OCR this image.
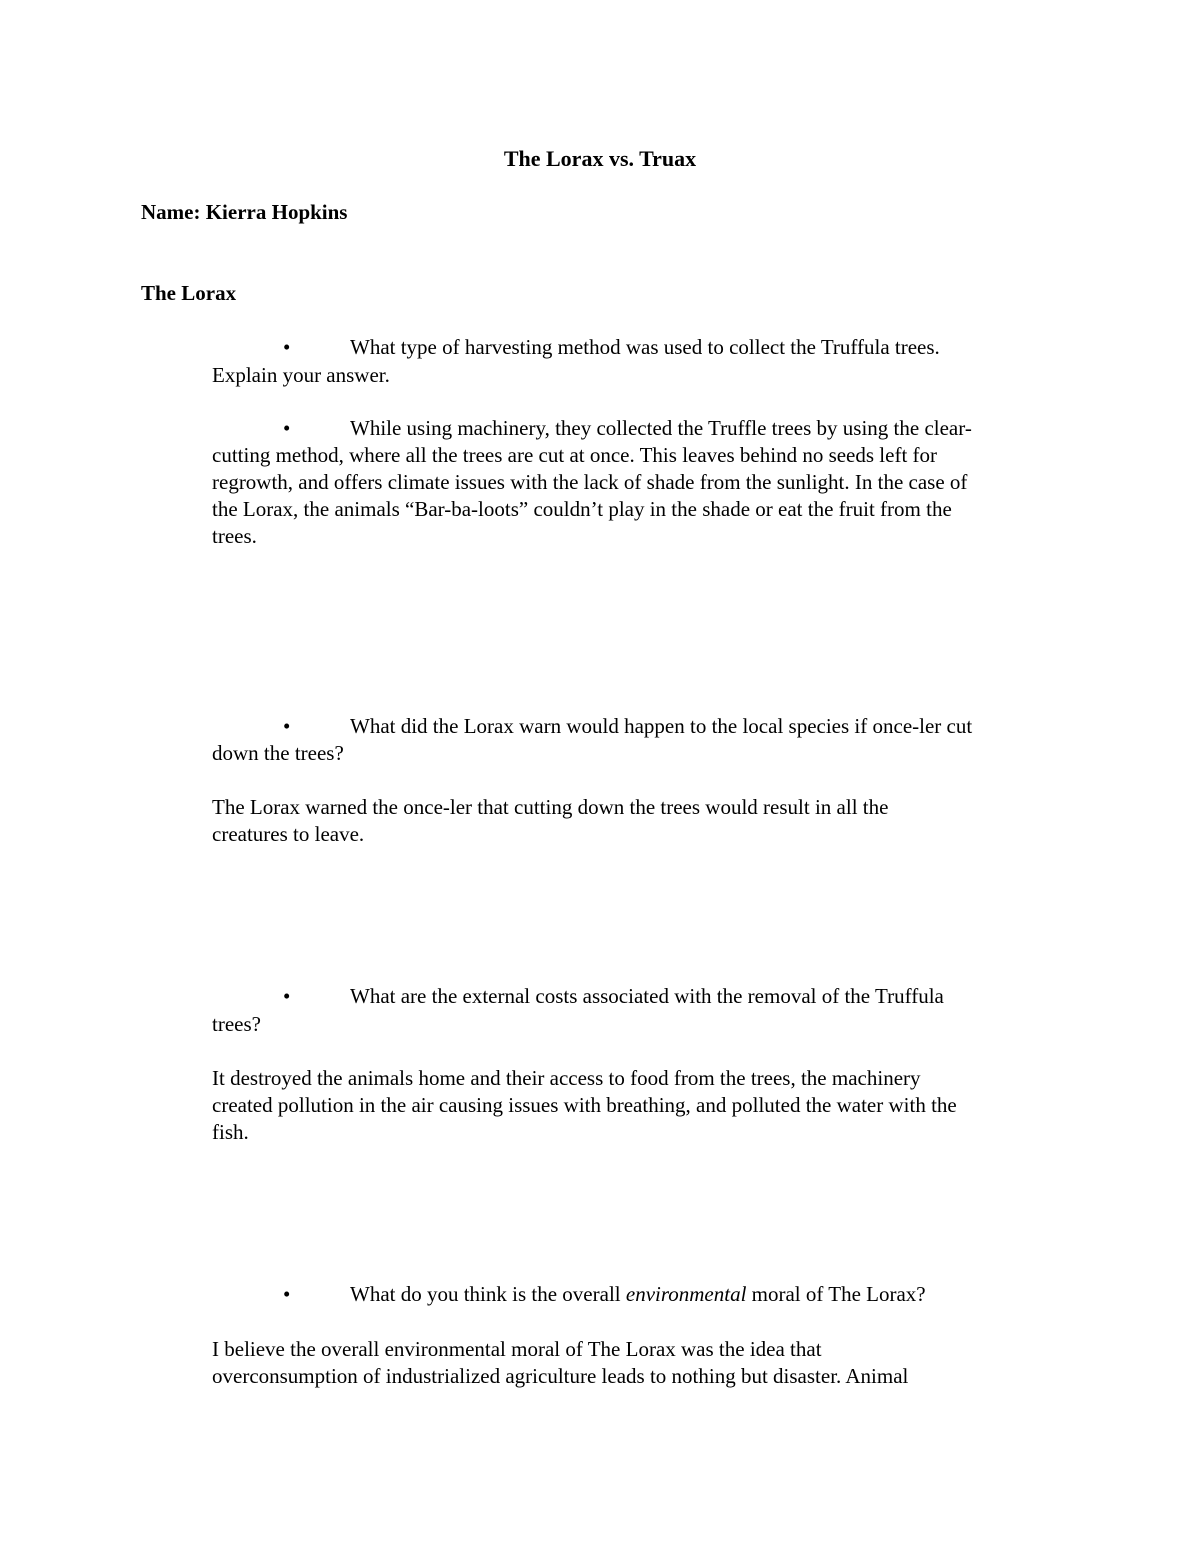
The Lorax vs. Truax
Name: Kierra Hopkins
The Lorax
•	What type of harvesting method was used to collect the Truffula trees.
Explain your answer.
•	While using machinery, they collected the Truffle trees by using the clear-
cutting method, where all the trees are cut at once. This leaves behind no seeds left for
regrowth, and offers climate issues with the lack of shade from the sunlight. In the case of
the Lorax, the animals “Bar-ba-loots” couldn’t play in the shade or eat the fruit from the
trees.
•	What did the Lorax warn would happen to the local species if once-ler cut
down the trees?
The Lorax warned the once-ler that cutting down the trees would result in all the
creatures to leave.
•	What are the external costs associated with the removal of the Truffula
trees?
It destroyed the animals home and their access to food from the trees, the machinery
created pollution in the air causing issues with breathing, and polluted the water with the
fish.
•	What do you think is the overall environmental moral of The Lorax?
I believe the overall environmental moral of The Lorax was the idea that
overconsumption of industrialized agriculture leads to nothing but disaster. Animal
